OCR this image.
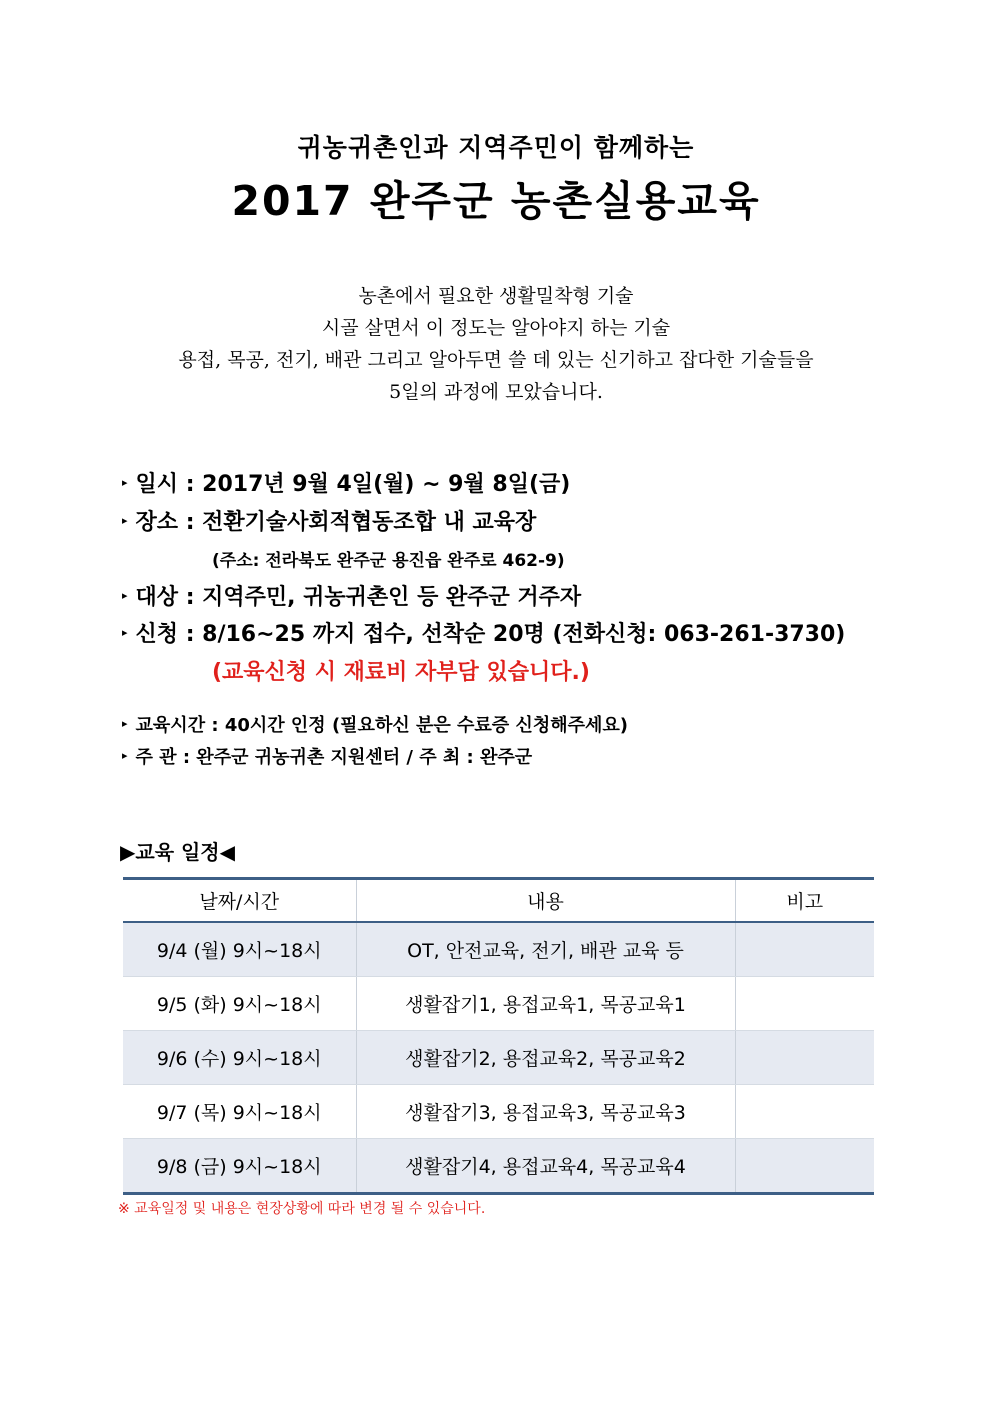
귀농귀촌인과 지역주민이 함께하는
2017 완주군 농촌실용교육
농촌에서 필요한 생활밀착형 기술
시골 살면서 이 정도는 알아야지 하는 기술
용접, 목공, 전기, 배관 그리고 알아두면 쓸 데 있는 신기하고 잡다한 기술들을
5일의 과정에 모았습니다.
▸ 일시 : 2017년 9월 4일(월) ~ 9월 8일(금)
▸ 장소 : 전환기술사회적협동조합 내 교육장
(주소: 전라북도 완주군 용진읍 완주로 462-9)
▸ 대상 : 지역주민, 귀농귀촌인 등 완주군 거주자
▸ 신청 : 8/16~25 까지 접수, 선착순 20명 (전화신청: 063-261-3730)
(교육신청 시 재료비 자부담 있습니다.)
▸ 교육시간 : 40시간 인정 (필요하신 분은 수료증 신청해주세요)
▸ 주 관 : 완주군 귀농귀촌 지원센터 / 주 최 : 완주군
▶교육 일정◀
날짜/시간	내용	비고
9/4 (월) 9시~18시	OT, 안전교육, 전기, 배관 교육 등	
9/5 (화) 9시~18시	생활잡기1, 용접교육1, 목공교육1	
9/6 (수) 9시~18시	생활잡기2, 용접교육2, 목공교육2	
9/7 (목) 9시~18시	생활잡기3, 용접교육3, 목공교육3	
9/8 (금) 9시~18시	생활잡기4, 용접교육4, 목공교육4	
※ 교육일정 및 내용은 현장상황에 따라 변경 될 수 있습니다.
